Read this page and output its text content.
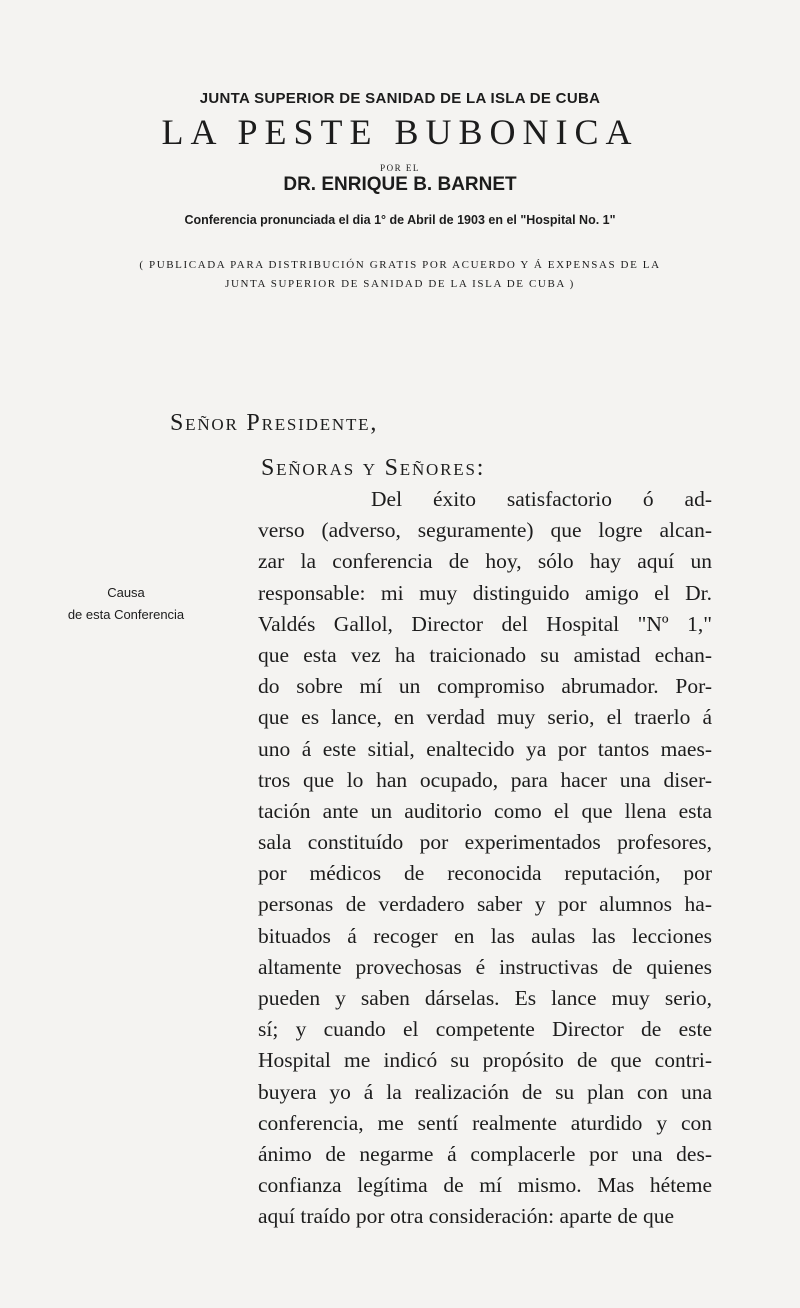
JUNTA SUPERIOR DE SANIDAD DE LA ISLA DE CUBA
LA PESTE BUBONICA
POR EL
DR. ENRIQUE B. BARNET
Conferencia pronunciada el dia 1° de Abril de 1903 en el "Hospital No. 1"
( PUBLICADA PARA DISTRIBUCIÓN GRATIS POR ACUERDO Y Á EXPENSAS DE LA
JUNTA SUPERIOR DE SANIDAD DE LA ISLA DE CUBA )
Señor Presidente,
Señoras y Señores:
Causa
de esta Conferencia
Del éxito satisfactorio ó ad-
verso (adverso, seguramente) que logre alcan-
zar la conferencia de hoy, sólo hay aquí un
responsable: mi muy distinguido amigo el Dr.
Valdés Gallol, Director del Hospital "Nº 1,"
que esta vez ha traicionado su amistad echan-
do sobre mí un compromiso abrumador. Por-
que es lance, en verdad muy serio, el traerlo á
uno á este sitial, enaltecido ya por tantos maes-
tros que lo han ocupado, para hacer una diser-
tación ante un auditorio como el que llena esta
sala constituído por experimentados profesores,
por médicos de reconocida reputación, por
personas de verdadero saber y por alumnos ha-
bituados á recoger en las aulas las lecciones
altamente provechosas é instructivas de quienes
pueden y saben dárselas. Es lance muy serio,
sí; y cuando el competente Director de este
Hospital me indicó su propósito de que contri-
buyera yo á la realización de su plan con una
conferencia, me sentí realmente aturdido y con
ánimo de negarme á complacerle por una des-
confianza legítima de mí mismo. Mas héteme
aquí traído por otra consideración: aparte de que
